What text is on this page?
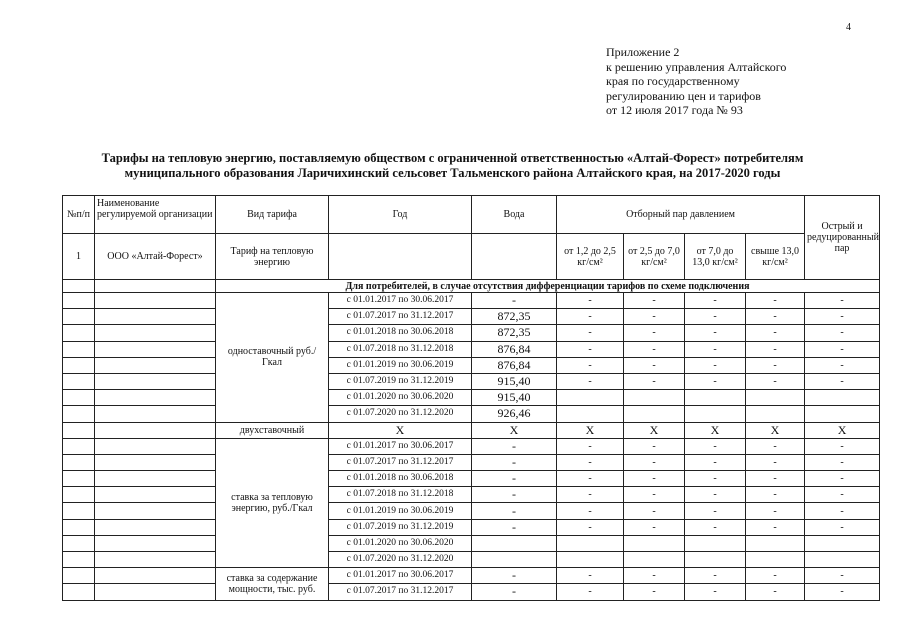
4
Приложение 2
к решению управления Алтайского
края по государственному
регулированию цен и тарифов
от 12 июля 2017 года № 93
Тарифы на тепловую энергию, поставляемую обществом с ограниченной ответственностью «Алтай-Форест» потребителям
муниципального образования Ларичихинский сельсовет Тальменского района Алтайского края, на 2017-2020 годы
№п/п	Наименование регулируемой организации	Вид тарифа	Год	Вода	Отборный пар давлением				Острый и редуцированный пар

1	ООО «Алтай-Форест»	Тариф на тепловую энергию			от 1,2 до 2,5 кг/см²	от 2,5 до 7,0 кг/см²	от 7,0 до 13,0 кг/см²	свыше 13,0 кг/см²	
		Для потребителей, в случае отсутствия дифференциации тарифов по схеме подключения							
		одноставочный руб./Гкал	с 01.01.2017 по 30.06.2017	-	-	-	-	-	-
			с 01.07.2017 по 31.12.2017	872,35	-	-	-	-	-
			с 01.01.2018 по 30.06.2018	872,35	-	-	-	-	-
			с 01.07.2018 по 31.12.2018	876,84	-	-	-	-	-
			с 01.01.2019 по 30.06.2019	876,84	-	-	-	-	-
			с 01.07.2019 по 31.12.2019	915,40	-	-	-	-	-
			с 01.01.2020 по 30.06.2020	915,40					
			с 01.07.2020 по 31.12.2020	926,46					
		двухставочный	X	X	X	X	X	X	X
		ставка за тепловую энергию, руб./Гкал	с 01.01.2017 по 30.06.2017	-	-	-	-	-	-
			с 01.07.2017 по 31.12.2017	-	-	-	-	-	-
			с 01.01.2018 по 30.06.2018	-	-	-	-	-	-
			с 01.07.2018 по 31.12.2018	-	-	-	-	-	-
			с 01.01.2019 по 30.06.2019	-	-	-	-	-	-
			с 01.07.2019 по 31.12.2019	-	-	-	-	-	-
			с 01.01.2020 по 30.06.2020						
			с 01.07.2020 по 31.12.2020						
		ставка за содержание мощности, тыс. руб.	с 01.01.2017 по 30.06.2017	-	-	-	-	-	-
			с 01.07.2017 по 31.12.2017	-	-	-	-	-	-
